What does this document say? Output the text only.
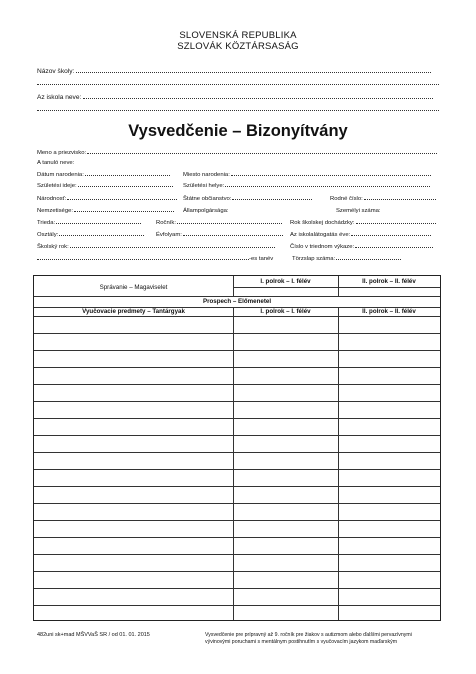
SLOVENSKÁ REPUBLIKA
SZLOVÁK KÖZTÁRSASÁG
Názov školy:
Az iskola neve:
Vysvedčenie – Bizonyítvány
Meno a priezvisko:
A tanuló neve:
Dátum narodenia:	Miesto narodenia:
Születési ideje:	Születési helye:
Národnosť:	Štátne občianstvo:	Rodné číslo:
Nemzetisége:	Állampolgársága:	Személyi száma:
Trieda:	Ročník:	Rok školskej dochádzky:
Osztály:	Évfolyam:	Az iskolalátogatás éve:
Školský rok:	Číslo v triednom výkaze:
-es tanév	Törzslap száma:
Správanie – Magaviselet
I. polrok – I. félév	II. polrok – II. félév
Prospech – Előmenetel
Vyučovacie predmety – Tantárgyak	I. polrok – I. félév	II. polrok – II. félév
482uni sk+mad MŠVVaŠ SR / od 01. 01. 2015	Vysvedčenie pre prípravný až 9. ročník pre žiakov s autizmom alebo ďalšími pervazívnymi
vývinovými poruchami s mentálnym postihnutím s vyučovacím jazykom maďarským
